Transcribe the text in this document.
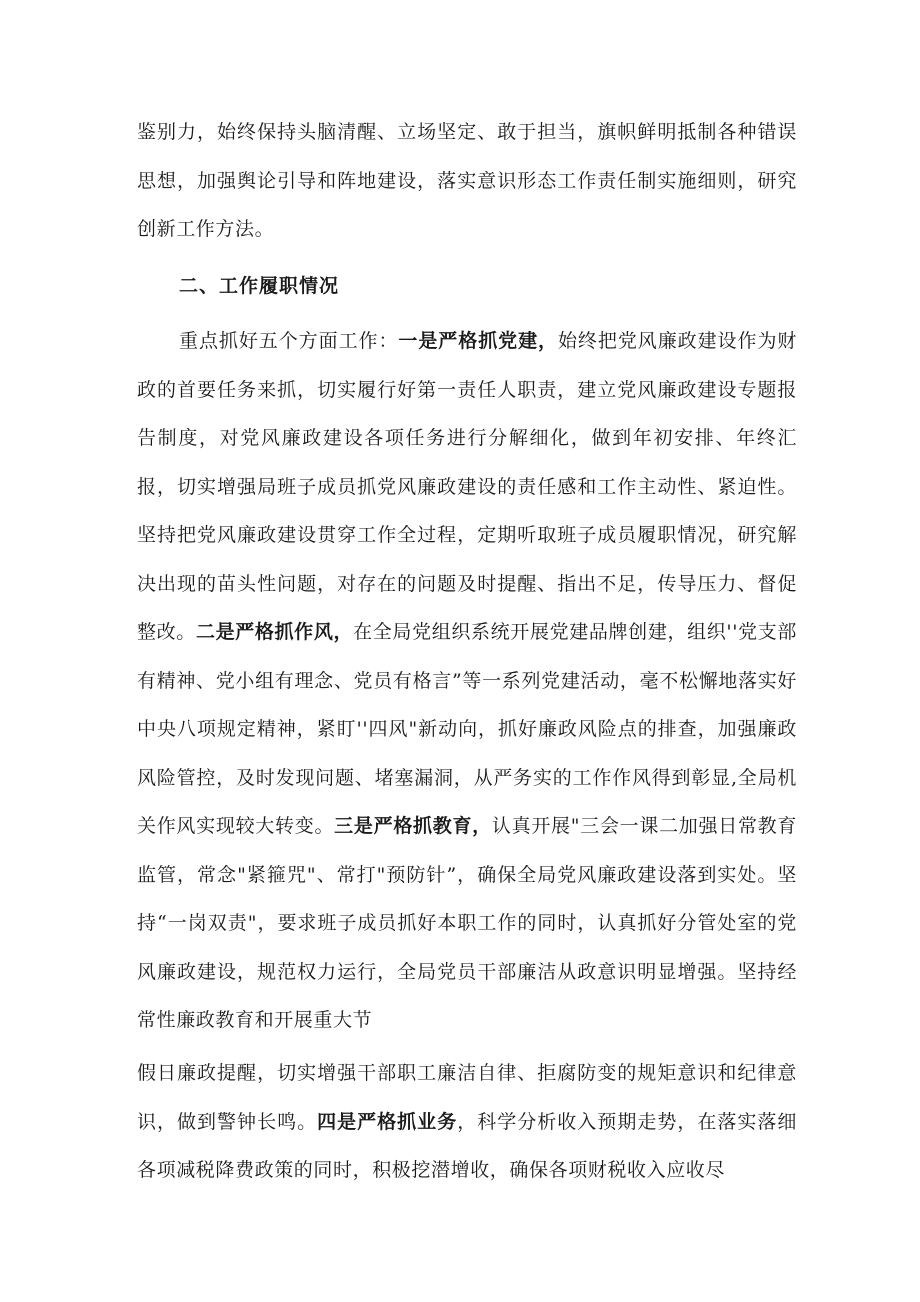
鉴别力，始终保持头脑清醒、立场坚定、敢于担当，旗帜鲜明抵制各种错误思想，加强舆论引导和阵地建设，落实意识形态工作责任制实施细则，研究创新工作方法。

二、工作履职情况

重点抓好五个方面工作：一是严格抓党建，始终把党风廉政建设作为财政的首要任务来抓，切实履行好第一责任人职责，建立党风廉政建设专题报告制度，对党风廉政建设各项任务进行分解细化，做到年初安排、年终汇报，切实增强局班子成员抓党风廉政建设的责任感和工作主动性、紧迫性。坚持把党风廉政建设贯穿工作全过程，定期听取班子成员履职情况，研究解决出现的苗头性问题，对存在的问题及时提醒、指出不足，传导压力、督促整改。二是严格抓作风，在全局党组织系统开展党建品牌创建，组织''党支部有精神、党小组有理念、党员有格言”等一系列党建活动，毫不松懈地落实好中央八项规定精神，紧盯''四风"新动向，抓好廉政风险点的排查，加强廉政风险管控，及时发现问题、堵塞漏洞，从严务实的工作作风得到彰显,全局机关作风实现较大转变。三是严格抓教育，认真开展"三会一课二加强日常教育监管，常念"紧箍咒"、常打"预防针”，确保全局党风廉政建设落到实处。坚持“一岗双责"，要求班子成员抓好本职工作的同时，认真抓好分管处室的党风廉政建设，规范权力运行，全局党员干部廉洁从政意识明显增强。坚持经常性廉政教育和开展重大节

假日廉政提醒，切实增强干部职工廉洁自律、拒腐防变的规矩意识和纪律意识，做到警钟长鸣。四是严格抓业务，科学分析收入预期走势，在落实落细各项减税降费政策的同时，积极挖潜增收，确保各项财税收入应收尽
